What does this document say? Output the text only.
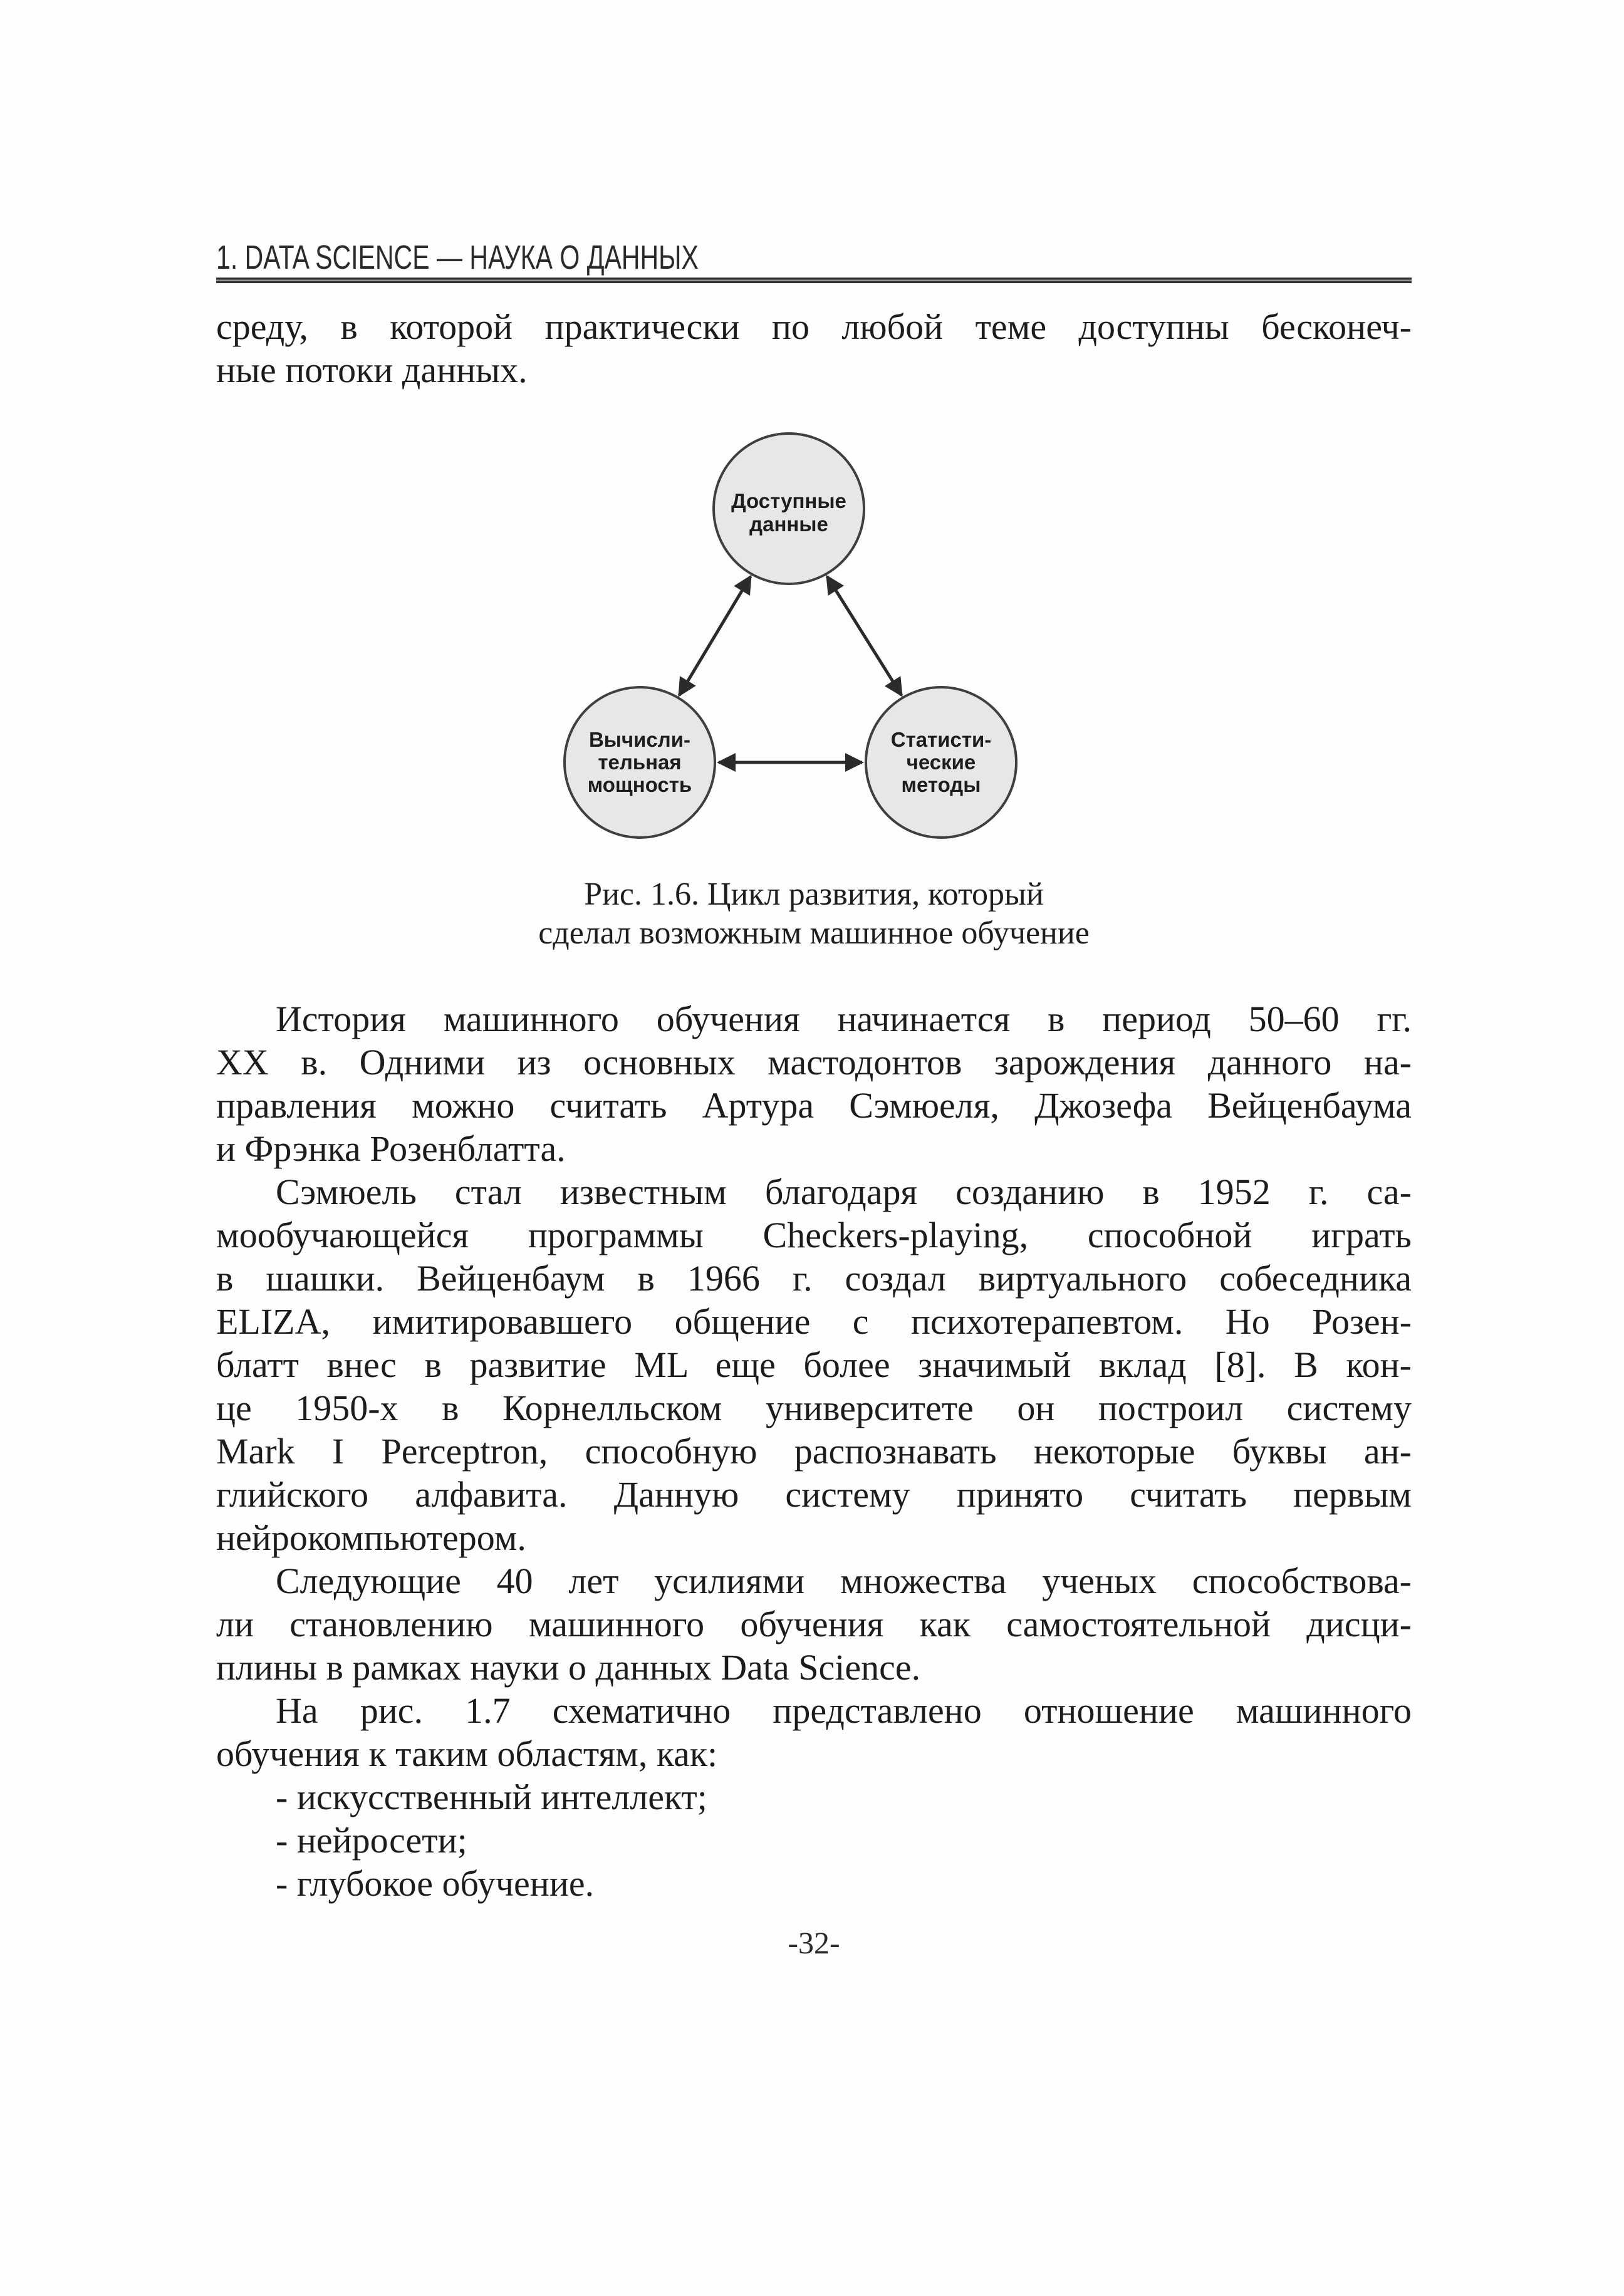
1. DATA SCIENCE — НАУКА О ДАННЫХ
среду, в которой практически по любой теме доступны бесконеч-
ные потоки данных.
Доступные
данные
Вычисли-
тельная
мощность
Статисти-
ческие
методы
Рис. 1.6. Цикл развития, который
сделал возможным машинное обучение
История машинного обучения начинается в период 50–60 гг.
XX в. Одними из основных мастодонтов зарождения данного на-
правления можно считать Артура Сэмюеля, Джозефа Вейценбаума
и Фрэнка Розенблатта.
Сэмюель стал известным благодаря созданию в 1952 г. са-
мообучающейся программы Checkers-playing, способной играть
в шашки. Вейценбаум в 1966 г. создал виртуального собеседника
ELIZA, имитировавшего общение с психотерапевтом. Но Розен-
блатт внес в развитие ML еще более значимый вклад [8]. В кон-
це 1950-х в Корнелльском университете он построил систему
Mark I Perceptron, способную распознавать некоторые буквы ан-
глийского алфавита. Данную систему принято считать первым
нейрокомпьютером.
Следующие 40 лет усилиями множества ученых способствова-
ли становлению машинного обучения как самостоятельной дисци-
плины в рамках науки о данных Data Science.
На рис. 1.7 схематично представлено отношение машинного
обучения к таким областям, как:
- искусственный интеллект;
- нейросети;
- глубокое обучение.
-32-
